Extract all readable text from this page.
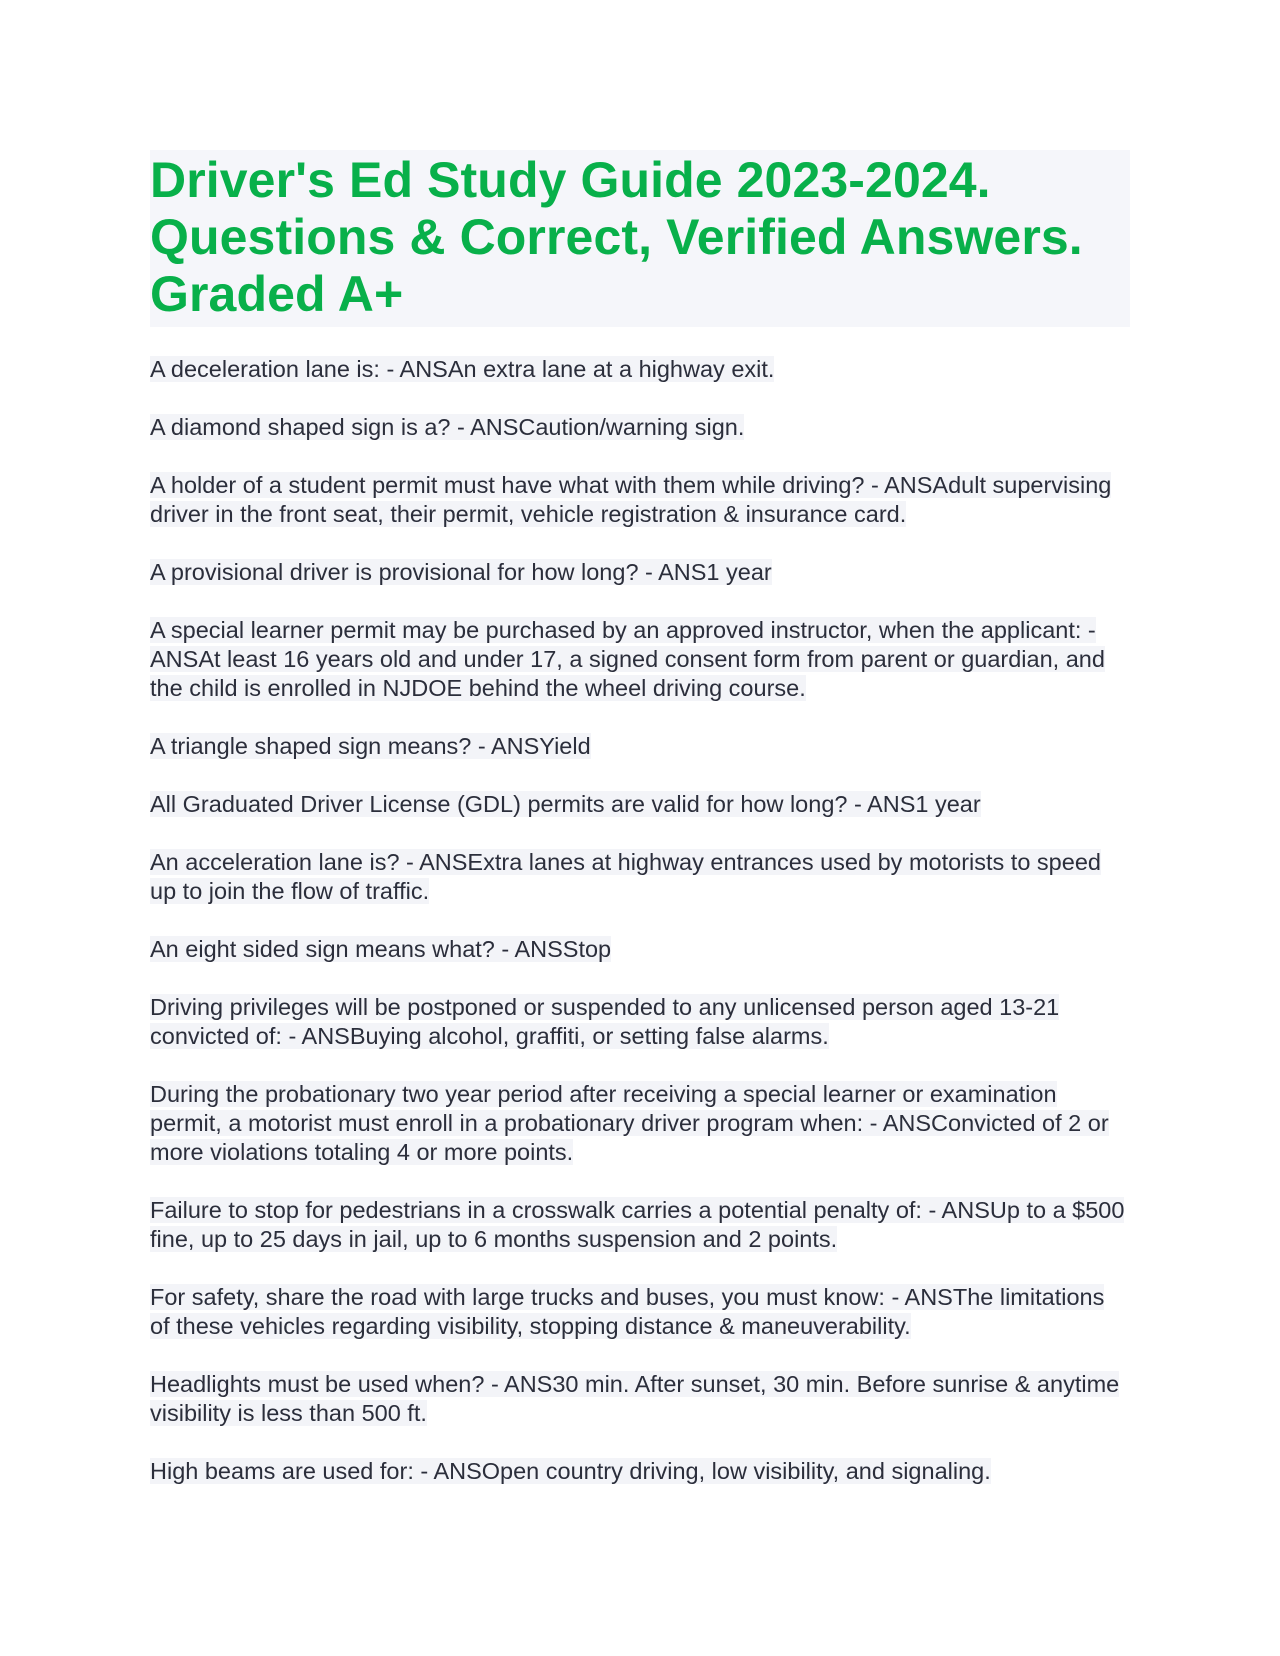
Driver's Ed Study Guide 2023-2024. Questions & Correct, Verified Answers. Graded A+

A deceleration lane is: - ANSAn extra lane at a highway exit.

A diamond shaped sign is a? - ANSCaution/warning sign.

A holder of a student permit must have what with them while driving? - ANSAdult supervising driver in the front seat, their permit, vehicle registration & insurance card.

A provisional driver is provisional for how long? - ANS1 year

A special learner permit may be purchased by an approved instructor, when the applicant: - ANSAt least 16 years old and under 17, a signed consent form from parent or guardian, and the child is enrolled in NJDOE behind the wheel driving course.

A triangle shaped sign means? - ANSYield

All Graduated Driver License (GDL) permits are valid for how long? - ANS1 year

An acceleration lane is? - ANSExtra lanes at highway entrances used by motorists to speed up to join the flow of traffic.

An eight sided sign means what? - ANSStop

Driving privileges will be postponed or suspended to any unlicensed person aged 13-21 convicted of: - ANSBuying alcohol, graffiti, or setting false alarms.

During the probationary two year period after receiving a special learner or examination permit, a motorist must enroll in a probationary driver program when: - ANSConvicted of 2 or more violations totaling 4 or more points.

Failure to stop for pedestrians in a crosswalk carries a potential penalty of: - ANSUp to a $500 fine, up to 25 days in jail, up to 6 months suspension and 2 points.

For safety, share the road with large trucks and buses, you must know: - ANSThe limitations of these vehicles regarding visibility, stopping distance & maneuverability.

Headlights must be used when? - ANS30 min. After sunset, 30 min. Before sunrise & anytime visibility is less than 500 ft.

High beams are used for: - ANSOpen country driving, low visibility, and signaling.
